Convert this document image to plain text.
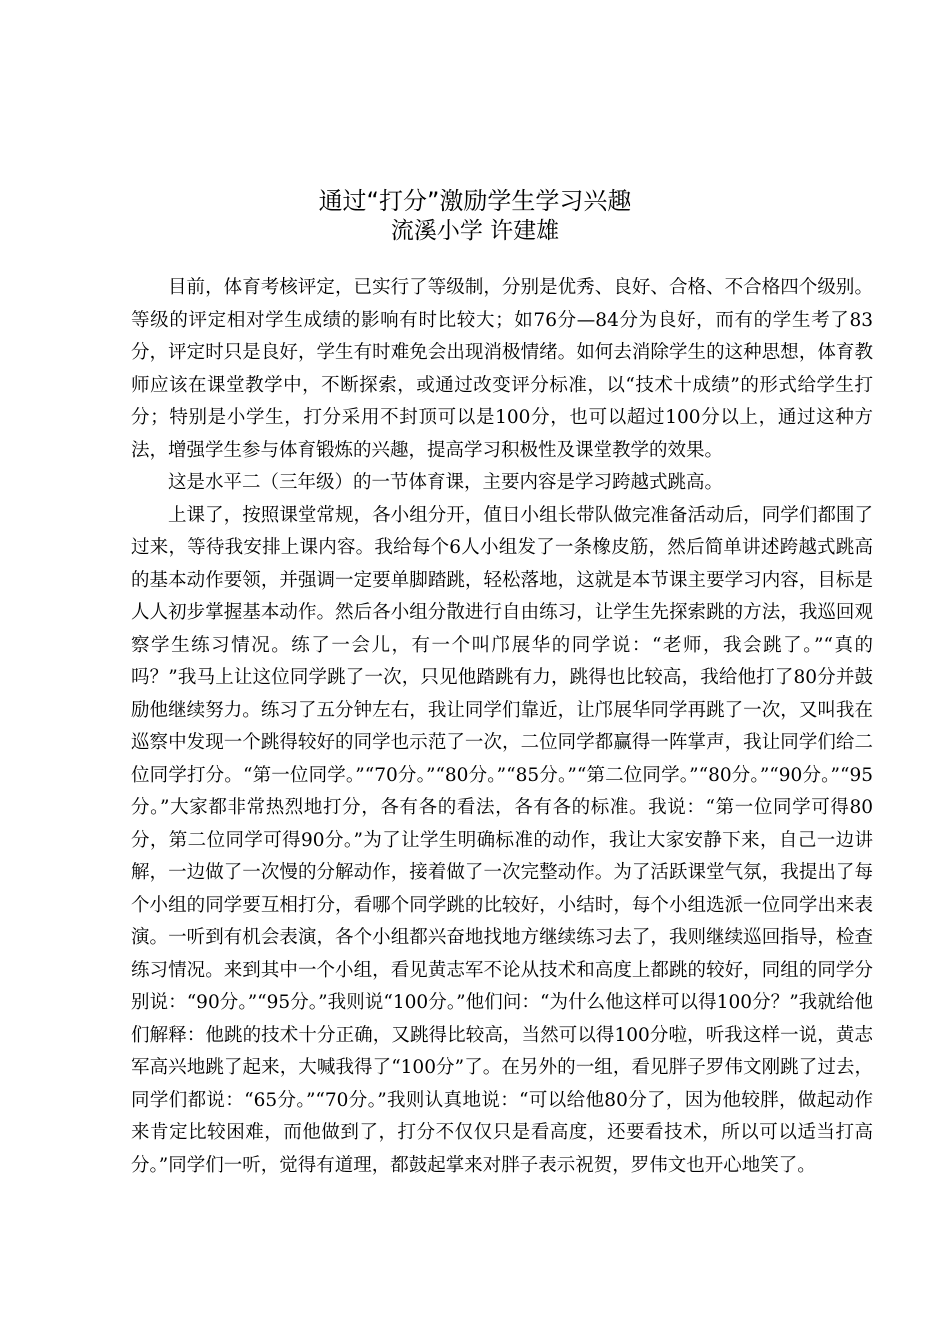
通过“打分”激励学生学习兴趣
流溪小学 许建雄

目前，体育考核评定，已实行了等级制，分别是优秀、良好、合格、不合格四个级别。等级的评定相对学生成绩的影响有时比较大；如76分—84分为良好，而有的学生考了83分，评定时只是良好，学生有时难免会出现消极情绪。如何去消除学生的这种思想，体育教师应该在课堂教学中，不断探索，或通过改变评分标准，以“技术十成绩”的形式给学生打分；特别是小学生，打分采用不封顶可以是100分，也可以超过100分以上，通过这种方法，增强学生参与体育锻炼的兴趣，提高学习积极性及课堂教学的效果。

这是水平二（三年级）的一节体育课，主要内容是学习跨越式跳高。

上课了，按照课堂常规，各小组分开，值日小组长带队做完准备活动后，同学们都围了过来，等待我安排上课内容。我给每个6人小组发了一条橡皮筋，然后简单讲述跨越式跳高的基本动作要领，并强调一定要单脚踏跳，轻松落地，这就是本节课主要学习内容，目标是人人初步掌握基本动作。然后各小组分散进行自由练习，让学生先探索跳的方法，我巡回观察学生练习情况。练了一会儿，有一个叫邝展华的同学说：“老师，我会跳了。”“真的吗？”我马上让这位同学跳了一次，只见他踏跳有力，跳得也比较高，我给他打了80分并鼓励他继续努力。练习了五分钟左右，我让同学们靠近，让邝展华同学再跳了一次，又叫我在巡察中发现一个跳得较好的同学也示范了一次，二位同学都赢得一阵掌声，我让同学们给二位同学打分。“第一位同学。”“70分。”“80分。”“85分。”“第二位同学。”“80分。”“90分。”“95分。”大家都非常热烈地打分，各有各的看法，各有各的标准。我说：“第一位同学可得80分，第二位同学可得90分。”为了让学生明确标准的动作，我让大家安静下来，自己一边讲解，一边做了一次慢的分解动作，接着做了一次完整动作。为了活跃课堂气氛，我提出了每个小组的同学要互相打分，看哪个同学跳的比较好，小结时，每个小组选派一位同学出来表演。一听到有机会表演，各个小组都兴奋地找地方继续练习去了，我则继续巡回指导，检查练习情况。来到其中一个小组，看见黄志军不论从技术和高度上都跳的较好，同组的同学分别说：“90分。”“95分。”我则说“100分。”他们问：“为什么他这样可以得100分？”我就给他们解释：他跳的技术十分正确，又跳得比较高，当然可以得100分啦，听我这样一说，黄志军高兴地跳了起来，大喊我得了“100分”了。在另外的一组，看见胖子罗伟文刚跳了过去，同学们都说：“65分。”“70分。”我则认真地说：“可以给他80分了，因为他较胖，做起动作来肯定比较困难，而他做到了，打分不仅仅只是看高度，还要看技术，所以可以适当打高分。”同学们一听，觉得有道理，都鼓起掌来对胖子表示祝贺，罗伟文也开心地笑了。
